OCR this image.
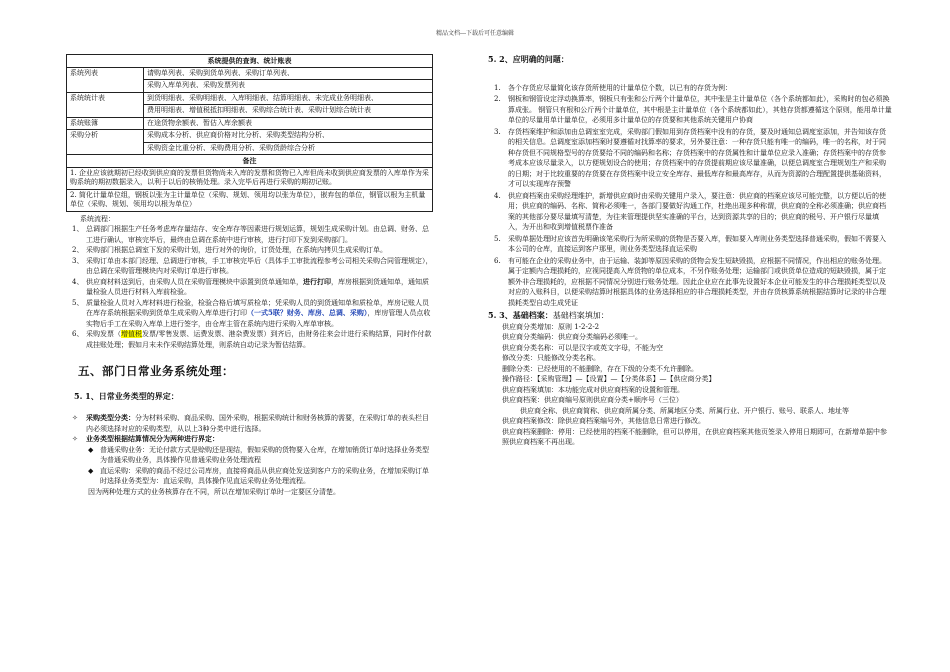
精品文档---下载后可任意编辑
系统提供的查询、统计账表	
系统列表	请购单列表、采购到货单列表、采购订单列表、
	采购入库单列表、采购发票列表
系统统计表	到货明细表、采购明细表、入库明细表、结算明细表、未完成业务明细表、
	费用明细表、增值税抵扣明细表、采购综合统计表、采购计划综合统计表
系统账簿	在途货物余额表、暂估入库余额表
采购分析	采购成本分析、供应商价格对比分析、采购类型结构分析、
	采购资金比重分析、采购费用分析、采购货龄综合分析
备注	
1. 企业应该就期初已经收到供应商的发票但货物尚未入库的发票和货物已入库但尚未收到供应商发票的入库单作为采购系统的期初数据录入，以利于以后的核销处理。录入完毕后再进行采购的期初记账。	
2. 简化计量单位组，钢板以张为主计量单位（采购、规划、领用均以张为单位），嵌弃包的单位，钢管以根为主机量单位（采购、规划、领用均以根为单位）	
系统流程：
1、 总调部门根据生产任务考虑库存量结存、安全库存等因素进行规划运算，规划生成采购计划。由总调、财务、总工进行确认，审核完毕后，最终由总调在系统中进行审核，进行打印下发到采购部门。
2、 采购部门根据总调室下发的采购计划，进行对外的询价，订货处理，在系统内拷贝生成采购订单。
3、 采购订单由本部门经理、总调进行审核，手工审核完毕后（具体手工审批流程参考公司相关采购合同管理规定），由总调在采购管理模块内对采购订单进行审核。
4、 供应商材料送到后，由采购人员在采购管理模块中添置到货单通知单，进行打印，库房根据到货通知单，通知质量检验人员进行材料入库前检验。
5、 质量检验人员对入库材料进行检验，检验合格后填写质检单；凭采购人员的到货通知单和质检单，库房记账人员在库存系统根据采购到货单生成采购入库单进行打印（一式5联？财务、库房、总调、采购），库房管理人员点收实物后手工在采购入库单上进行签字，由仓库主管在系统内进行采购入库单审核。
6、 采购发票（增值税发票/零售发票、运费发票、港杂费发票）到齐后，由财务往来会计进行采购结算，同时作付款成挂账处理；假如月末未作采购结算处理，则系统自动记录为暂估结算。
五、部门日常业务系统处理：
5. 1、日常业务类型的界定：
✧	采购类型分类：分为材料采购、商品采购、国外采购，根据采购统计和财务核算的需要，在采购订单的表头栏目内必须选择对应的采购类型，从以上3种分类中进行选择。
✧	业务类型根据结算情况分为两种进行界定：
◆ 普通采购业务：无论付款方式是赊购还是现结，假如采购的货物要入仓库，在增加销货订单时选择业务类型为普通采购业务，具体操作见普通采购业务处理流程
◆ 直运采购：采购的商品不经过公司库房，直接将商品从供应商处发送到客户方的采购业务，在增加采购订单时选择业务类型为：直运采购，具体操作见直运采购业务处理流程。
因为两种处理方式的业务核算存在不同，所以在增加采购订单时一定要区分清楚。
5. 2、应明确的问题：
1.	各个存货应尽量简化该存货所使用的计量单位个数，以已有的存货为例：
2.	钢板和钢管设定浮动换算率，钢板只有张和公斤两个计量单位，其中张是主计量单位（各个系统都如此），采购时的包必须换算成张。 钢管只有根和公斤两个计量单位，其中根是主计量单位（各个系统都如此），其他存货都遵循这个原则，能用单计量单位的尽量用单计量单位，必须用多计量单位的存货要和其他系统关键用户协商
3.	存货档案维护和添加由总调室室完成，采购部门假如用到存货档案中没有的存货，要及时通知总调度室添加，并告知该存货的相关信息。总调度室添加档案时要遵循对找算率的要求，另外要注意：一种存货只能有唯一的编码，唯一的名称，对于同种存货但不同规格型号的存货要给不同的编码和名称；存货档案中的存货属性和计量单位应录入准确；存货档案中的存货参考成本应该尽量录入，以方便规划设合的使用；存货档案中的存货提前期应该尽量准确，以便总调度室合理规划生产和采购的日期；对于比较重要的存货要在存货档案中设立安全库存、最低库存和最高库存，从而为资源的合理配置提供基础资料，才可以实现库存预警
4.	供应商档案由采购经理维护，新增供应商时由采购关键用户录入，要注意：供应商的档案应该尽可能完整，以方便以后的使用；供应商的编码、名称、简称必须唯一，各部门要做好沟通工作，杜绝出现多种称谓，供应商的全称必须准确；供应商档案的其他部分要尽量填写清楚，为往来管理提供坚实准确的平台，达到资源共享的目的；供应商的税号、开户银行尽量填入，为开出和收到增值税票作准备
5.	采购单据处理时应该首先明确该笔采购行为所采购的货物是否要入库，假如要入库则业务类型选择普通采购，假如不需要入本公司的仓库，直接运到客户那里，则业务类型选择直运采购
6.	有可能在企业的采购业务中，由于运输、装卸等原因采购的货物会发生短缺毁损，应根据不同情况，作出相应的账务处理。属于定额内合理损耗的，应视同提高入库货物的单位成本，不另作账务处理；运输部门或供货单位造成的短缺毁损，属于定额外非合理损耗的，应根据不同情况分别进行账务处理。因此企业应在此事先设置好本企业可能发生的非合理损耗类型以及对应的入账科目，以便采购结算时根据具体的业务选择相应的非合理损耗类型，并由存货核算系统根据结算时记录的非合理损耗类型自动生成凭证
5. 3、基础档案：基础档案填加：
供应商分类增加：原则 1-2-2-2
供应商分类编码：供应商分类编码必须唯一。
供应商分类名称：可以是汉字或英文字母，不能为空
修改分类：只能修改分类名称。
删除分类：已经使用的不能删除，存在下级的分类不允许删除。
操作路径：【采购管理】—【设置】—【分类体系】—【供应商分类】
供应商档案填加：本功能完成对供应商档案的设置和管理。
供应商档案：供应商编号原则供应商分类+顺序号（三位）
供应商全称、供应商简称、供应商所属分类、所属地区分类、所属行业、开户银行、账号、联系人、地址等
供应商档案修改：除供应商档案编号外，其他信息日常进行修改。
供应商档案删除：停用：已经使用的档案不能删除，但可以停用，在供应商档案其他页签录入停用日期即可，在新增单据中参照供应商档案不再出现。
